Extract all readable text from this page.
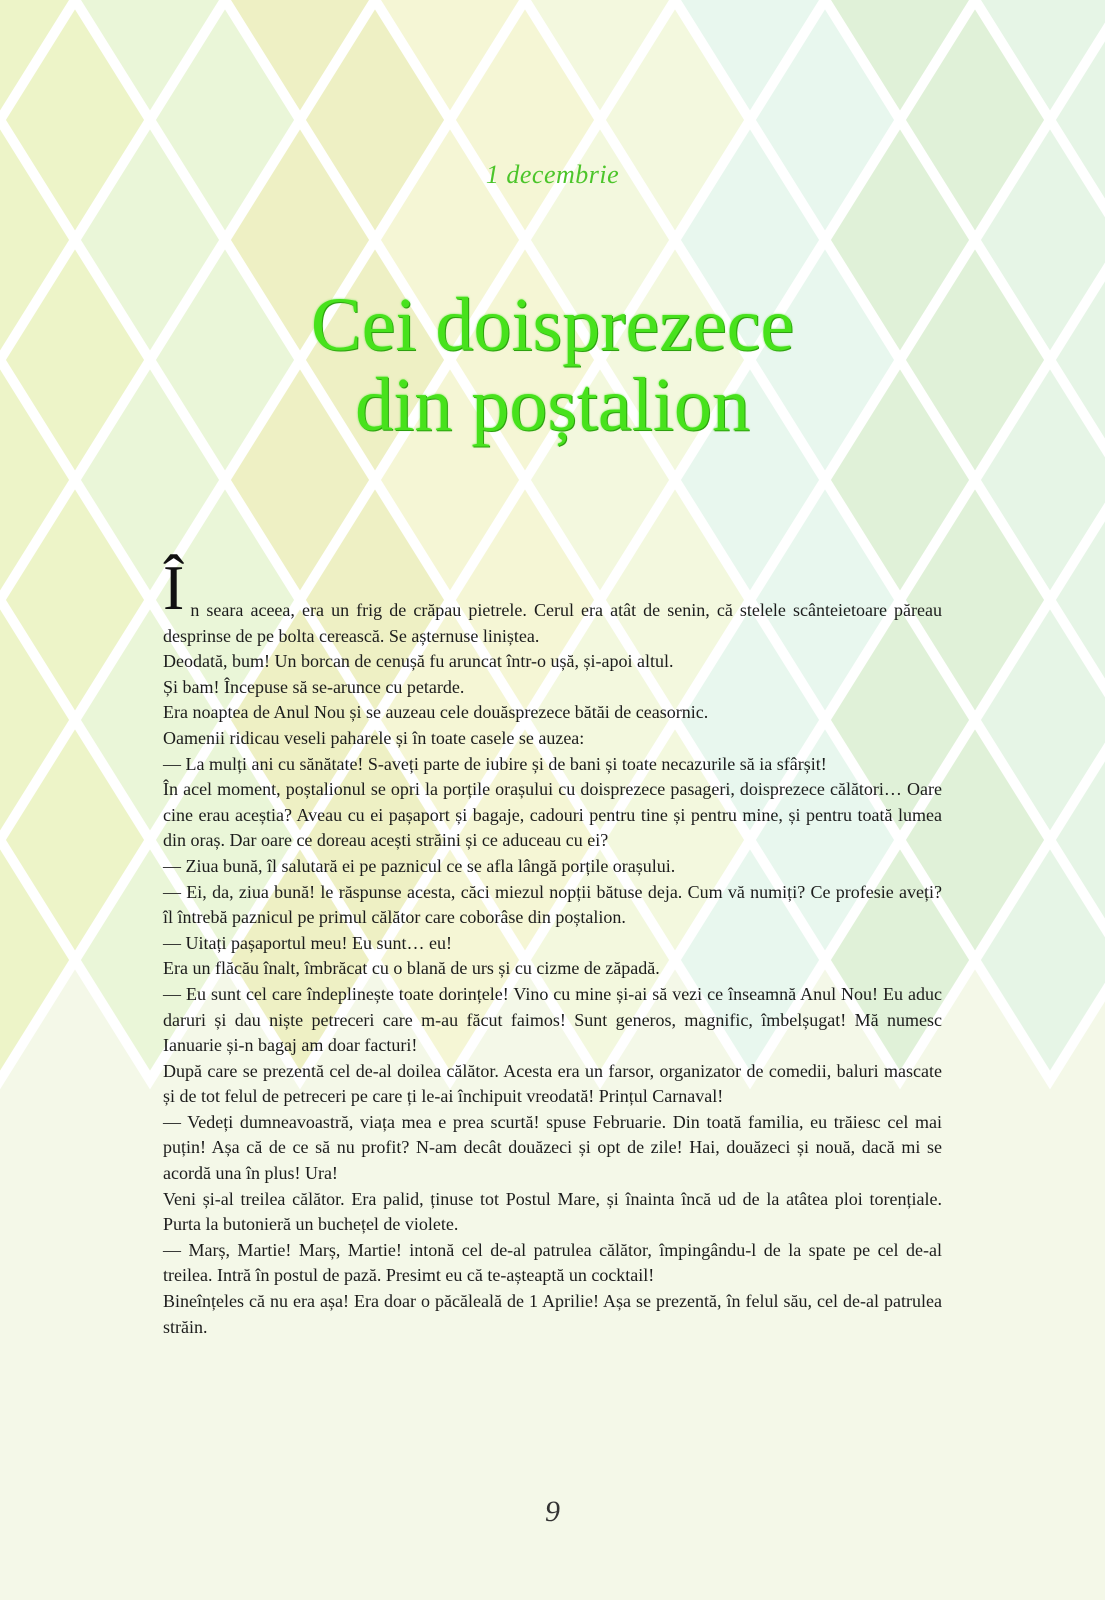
1 decembrie
Cei doisprezece
din poștalion

În seara aceea, era un frig de crăpau pietrele. Cerul era atât de senin, că stelele scânteietoare păreau desprinse de pe bolta cerească. Se așternuse liniștea.

Deodată, bum! Un borcan de cenușă fu aruncat într-o ușă, și-apoi altul.

Și bam! Începuse să se-arunce cu petarde.

Era noaptea de Anul Nou și se auzeau cele douăsprezece bătăi de ceasornic.

Oamenii ridicau veseli paharele și în toate casele se auzea:

— La mulți ani cu sănătate! S-aveți parte de iubire și de bani și toate necazurile să ia sfârșit!

În acel moment, poștalionul se opri la porțile orașului cu doisprezece pasageri, doisprezece călători… Oare cine erau aceștia? Aveau cu ei pașaport și bagaje, cadouri pentru tine și pentru mine, și pentru toată lumea din oraș. Dar oare ce doreau acești străini și ce aduceau cu ei?

— Ziua bună, îl salutară ei pe paznicul ce se afla lângă porțile orașului.

— Ei, da, ziua bună! le răspunse acesta, căci miezul nopții bătuse deja. Cum vă numiți? Ce profesie aveți? îl întrebă paznicul pe primul călător care coborâse din poștalion.

— Uitați pașaportul meu! Eu sunt… eu!

Era un flăcău înalt, îmbrăcat cu o blană de urs și cu cizme de zăpadă.

— Eu sunt cel care îndeplinește toate dorințele! Vino cu mine și-ai să vezi ce înseamnă Anul Nou! Eu aduc daruri și dau niște petreceri care m-au făcut faimos! Sunt generos, magnific, îmbelșugat! Mă numesc Ianuarie și-n bagaj am doar facturi!

După care se prezentă cel de-al doilea călător. Acesta era un farsor, organizator de comedii, baluri mascate și de tot felul de petreceri pe care ți le-ai închipuit vreodată! Prințul Carnaval!

— Vedeți dumneavoastră, viața mea e prea scurtă! spuse Februarie. Din toată familia, eu trăiesc cel mai puțin! Așa că de ce să nu profit? N-am decât douăzeci și opt de zile! Hai, douăzeci și nouă, dacă mi se acordă una în plus! Ura!

Veni și-al treilea călător. Era palid, ținuse tot Postul Mare, și înainta încă ud de la atâtea ploi torențiale. Purta la butonieră un buchețel de violete.

— Marș, Martie! Marș, Martie! intonă cel de-al patrulea călător, împingându-l de la spate pe cel de-al treilea. Intră în postul de pază. Presimt eu că te-așteaptă un cocktail!

Bineînțeles că nu era așa! Era doar o păcăleală de 1 Aprilie! Așa se prezentă, în felul său, cel de-al patrulea străin.

9
